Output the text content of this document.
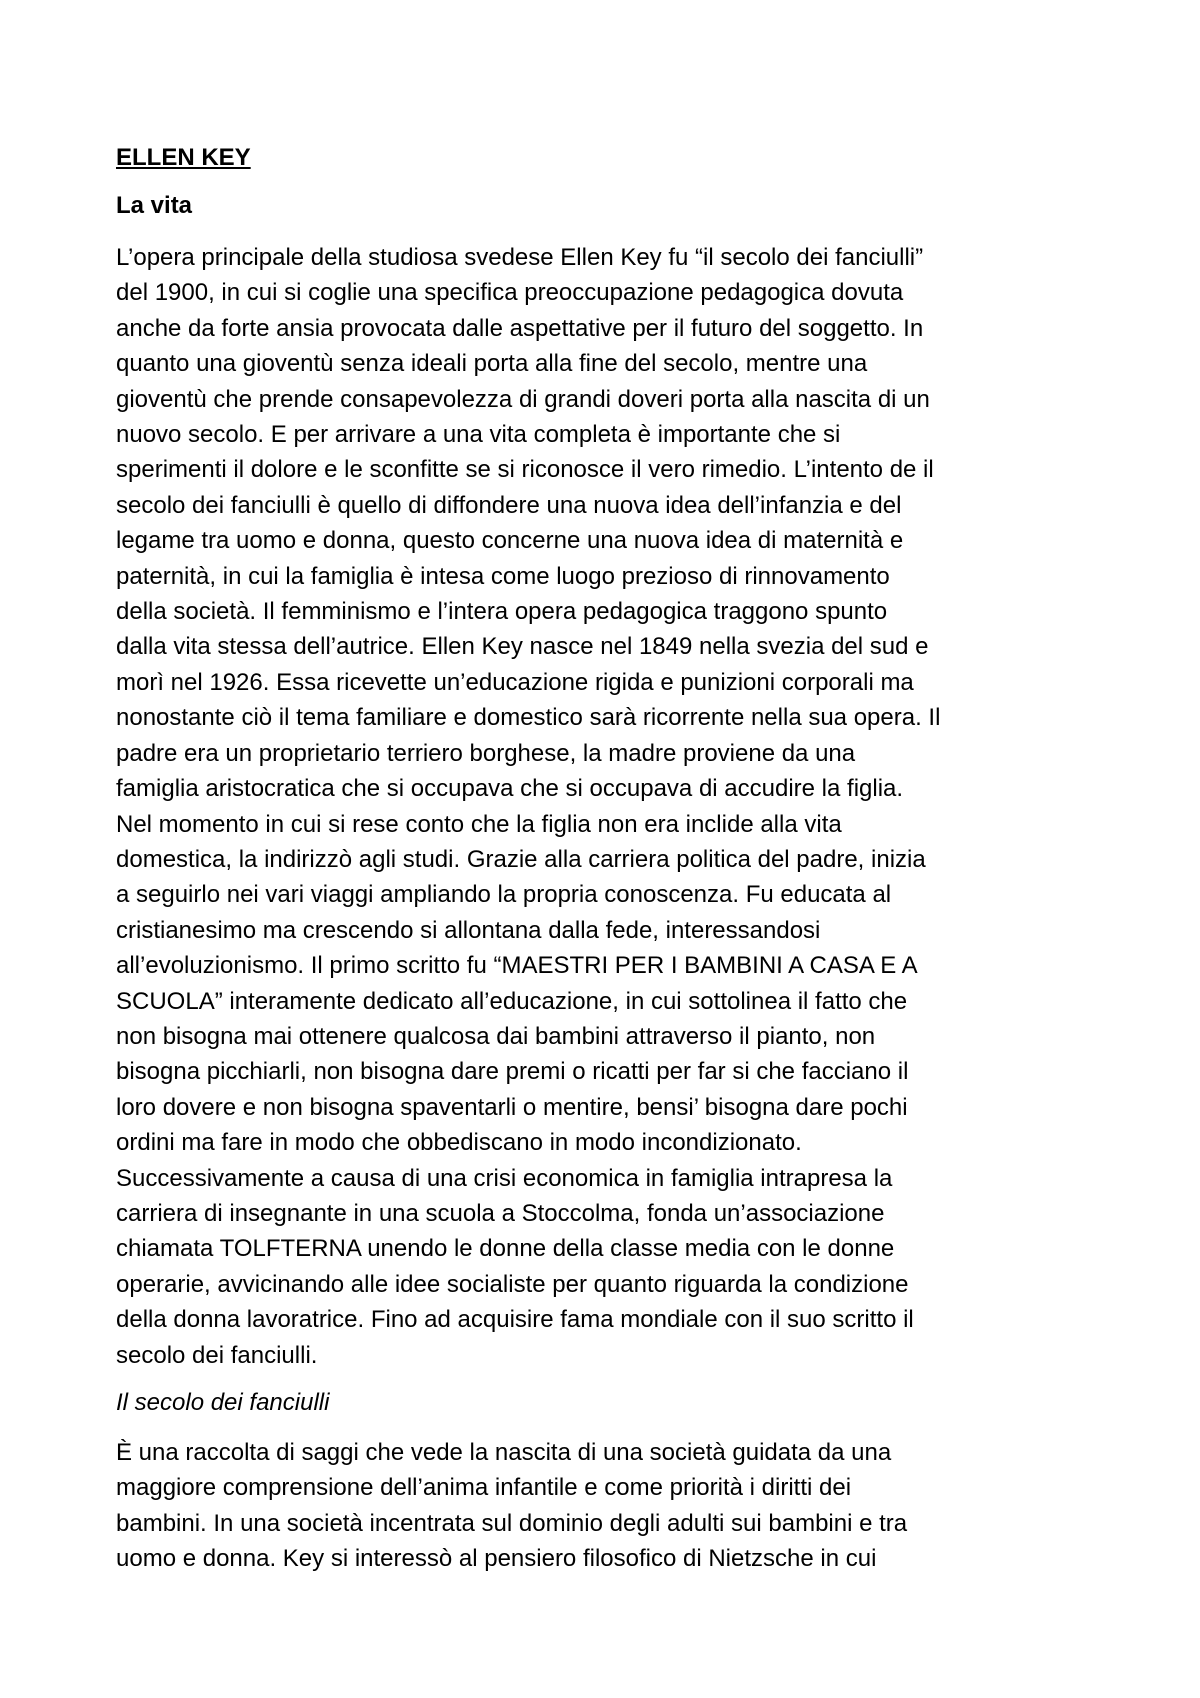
ELLEN KEY
La vita

L’opera principale della studiosa svedese Ellen Key fu “il secolo dei fanciulli”
del 1900, in cui si coglie una specifica preoccupazione pedagogica dovuta
anche da forte ansia provocata dalle aspettative per il futuro del soggetto. In
quanto una gioventù senza ideali porta alla fine del secolo, mentre una
gioventù che prende consapevolezza di grandi doveri porta alla nascita di un
nuovo secolo. E per arrivare a una vita completa è importante che si
sperimenti il dolore e le sconfitte se si riconosce il vero rimedio. L’intento de il
secolo dei fanciulli è quello di diffondere una nuova idea dell’infanzia e del
legame tra uomo e donna, questo concerne una nuova idea di maternità e
paternità, in cui la famiglia è intesa come luogo prezioso di rinnovamento
della società. Il femminismo e l’intera opera pedagogica traggono spunto
dalla vita stessa dell’autrice. Ellen Key nasce nel 1849 nella svezia del sud e
morì nel 1926. Essa ricevette un’educazione rigida e punizioni corporali ma
nonostante ciò il tema familiare e domestico sarà ricorrente nella sua opera. Il
padre era un proprietario terriero borghese, la madre proviene da una
famiglia aristocratica che si occupava che si occupava di accudire la figlia.
Nel momento in cui si rese conto che la figlia non era inclide alla vita
domestica, la indirizzò agli studi. Grazie alla carriera politica del padre, inizia
a seguirlo nei vari viaggi ampliando la propria conoscenza. Fu educata al
cristianesimo ma crescendo si allontana dalla fede, interessandosi
all’evoluzionismo. Il primo scritto fu “MAESTRI PER I BAMBINI A CASA E A
SCUOLA” interamente dedicato all’educazione, in cui sottolinea il fatto che
non bisogna mai ottenere qualcosa dai bambini attraverso il pianto, non
bisogna picchiarli, non bisogna dare premi o ricatti per far si che facciano il
loro dovere e non bisogna spaventarli o mentire, bensi’ bisogna dare pochi
ordini ma fare in modo che obbediscano in modo incondizionato.
Successivamente a causa di una crisi economica in famiglia intrapresa la
carriera di insegnante in una scuola a Stoccolma, fonda un’associazione
chiamata TOLFTERNA unendo le donne della classe media con le donne
operarie, avvicinando alle idee socialiste per quanto riguarda la condizione
della donna lavoratrice. Fino ad acquisire fama mondiale con il suo scritto il
secolo dei fanciulli.

Il secolo dei fanciulli

È una raccolta di saggi che vede la nascita di una società guidata da una
maggiore comprensione dell’anima infantile e come priorità i diritti dei
bambini. In una società incentrata sul dominio degli adulti sui bambini e tra
uomo e donna. Key si interessò al pensiero filosofico di Nietzsche in cui
